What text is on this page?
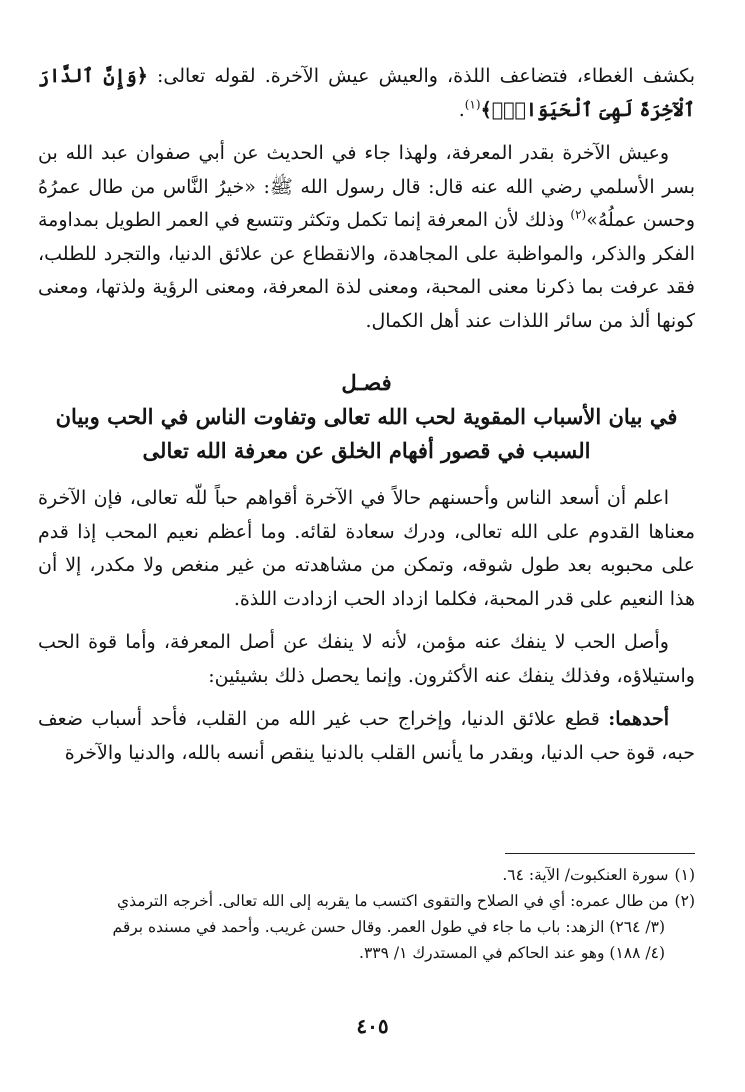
بكشف الغطاء، فتضاعف اللذة، والعيش عيش الآخرة. لقوله تعالى: ﴿وَإِنَّ ٱلدَّارَ ٱلْآخِرَةَ لَهِىَ ٱلْحَيَوَانُۚ﴾$^{(١)}$.

وعيش الآخرة بقدر المعرفة، ولهذا جاء في الحديث عن أبي صفوان عبد الله بن بسر الأسلمي رضي الله عنه قال: قال رسول الله ﷺ: «خيرُ النَّاس من طال عمرُهُ وحسن عملُهُ»$^{(٢)}$ وذلك لأن المعرفة إنما تكمل وتكثر وتتسع في العمر الطويل بمداومة الفكر والذكر، والمواظبة على المجاهدة، والانقطاع عن علائق الدنيا، والتجرد للطلب، فقد عرفت بما ذكرنا معنى المحبة، ومعنى لذة المعرفة، ومعنى الرؤية ولذتها، ومعنى كونها ألذ من سائر اللذات عند أهل الكمال.

فصـل

في بيان الأسباب المقوية لحب الله تعالى وتفاوت الناس في الحب وبيان

السبب في قصور أفهام الخلق عن معرفة الله تعالى

اعلم أن أسعد الناس وأحسنهم حالاً في الآخرة أقواهم حباً للّه تعالى، فإن الآخرة معناها القدوم على الله تعالى، ودرك سعادة لقائه. وما أعظم نعيم المحب إذا قدم على محبوبه بعد طول شوقه، وتمكن من مشاهدته من غير منغص ولا مكدر، إلا أن هذا النعيم على قدر المحبة، فكلما ازداد الحب ازدادت اللذة.

وأصل الحب لا ينفك عنه مؤمن، لأنه لا ينفك عن أصل المعرفة، وأما قوة الحب واستيلاؤه، وفذلك ينفك عنه الأكثرون. وإنما يحصل ذلك بشيئين:

أحدهما: قطع علائق الدنيا، وإخراج حب غير الله من القلب، فأحد أسباب ضعف حبه، قوة حب الدنيا، وبقدر ما يأنس القلب بالدنيا ينقص أنسه بالله، والدنيا والآخرة

(١)سورة العنكبوت/ الآية: ٦٤.

(٢)من طال عمره: أي في الصلاح والتقوى اكتسب ما يقربه إلى الله تعالى. أخرجه الترمذي

(٣/ ٢٦٤) الزهد: باب ما جاء في طول العمر. وقال حسن غريب. وأحمد في مسنده برقم

(٤/ ١٨٨) وهو عند الحاكم في المستدرك ١/ ٣٣٩.

٤٠٥
